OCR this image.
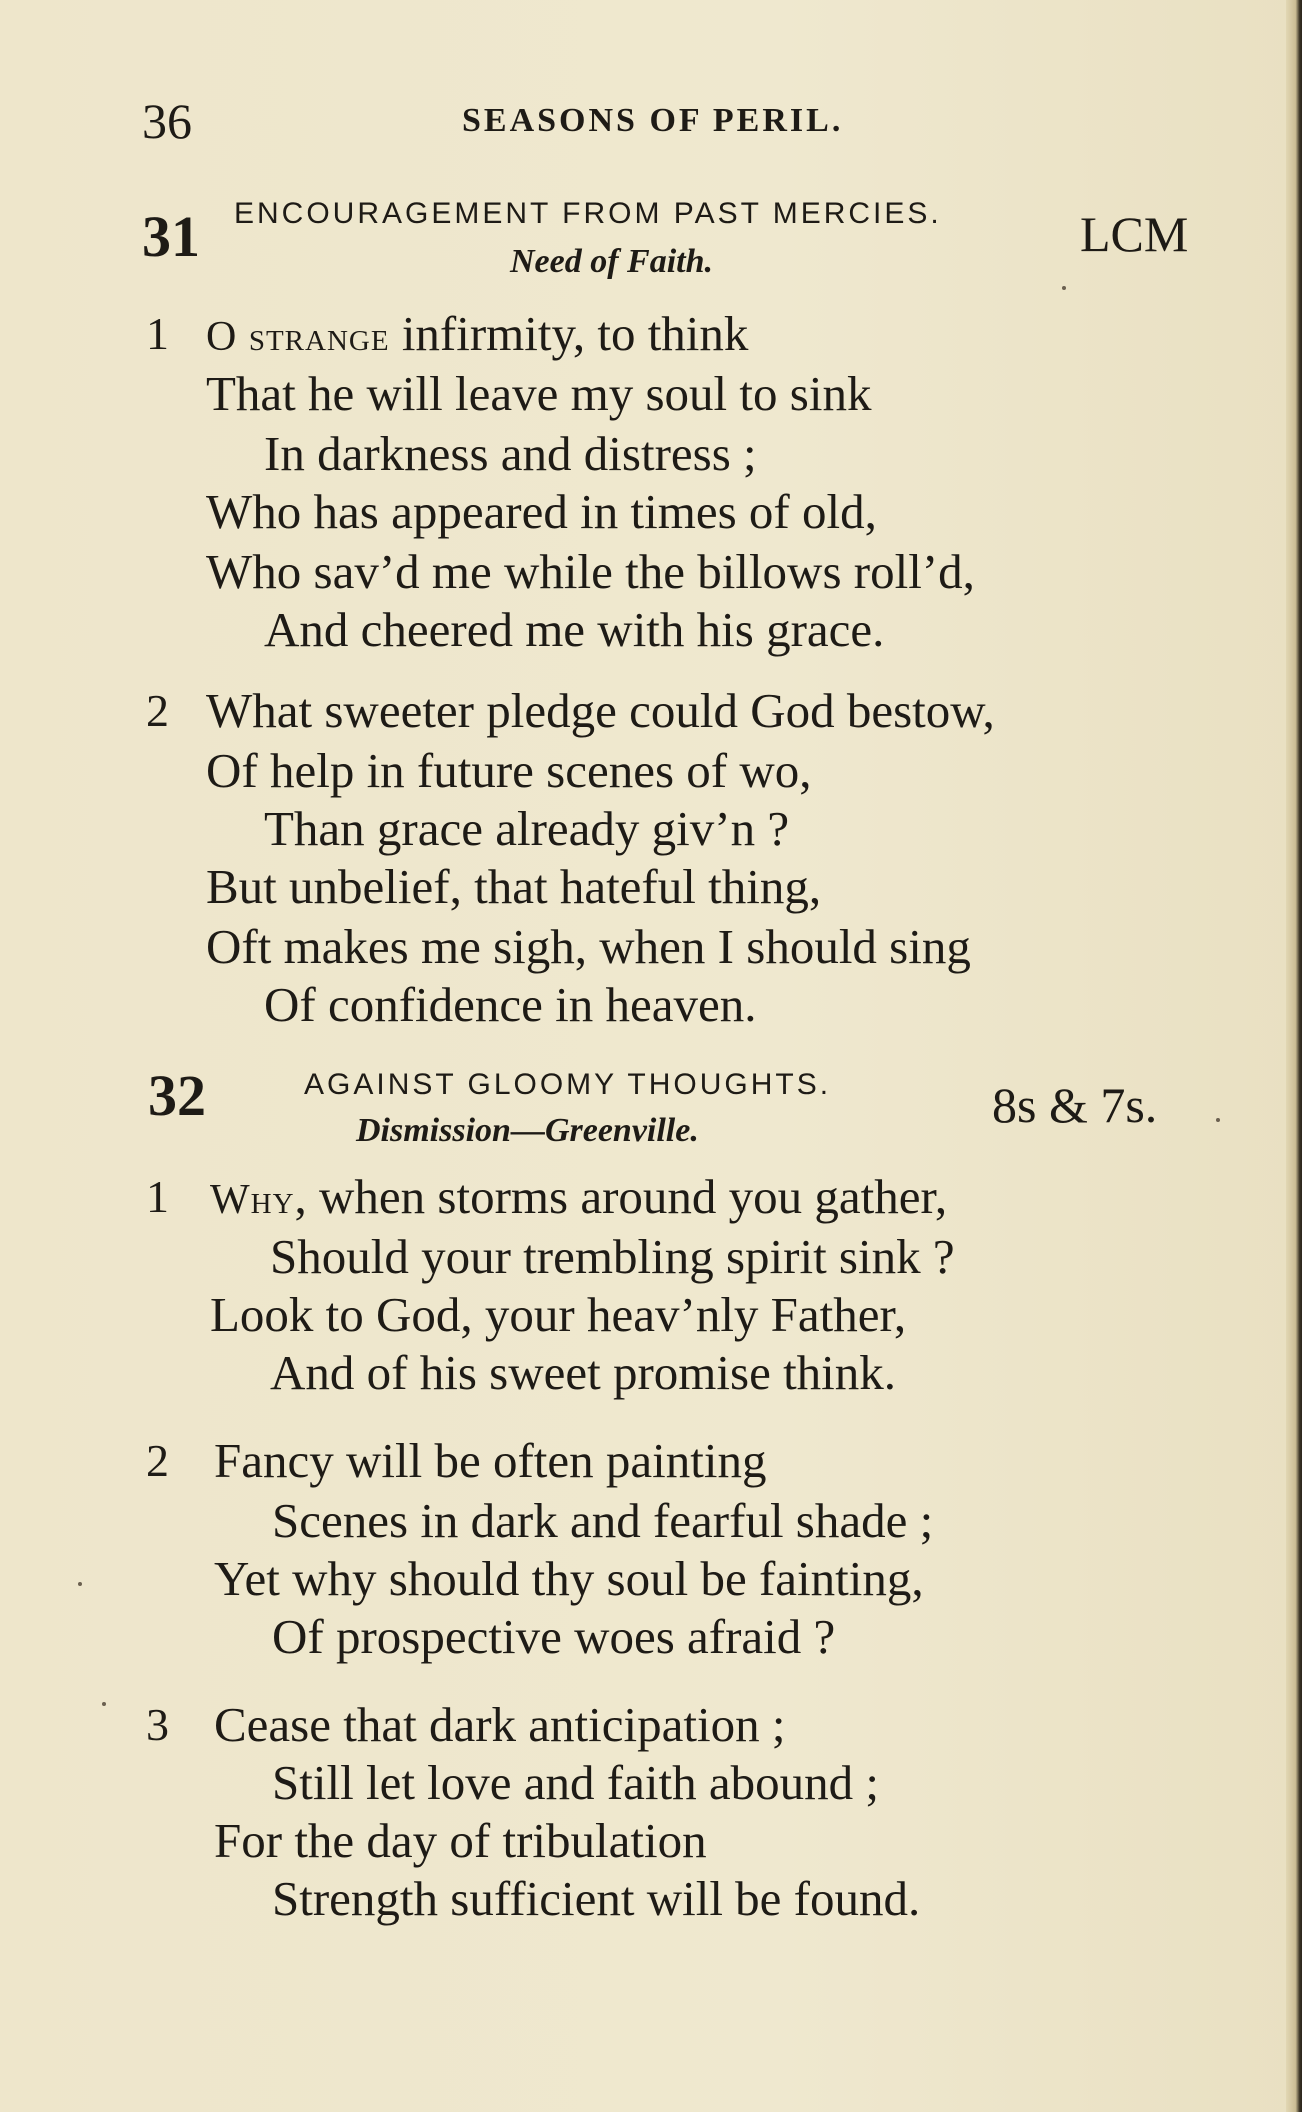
36	SEASONS OF PERIL.
31 ENCOURAGEMENT FROM PAST MERCIES.
Need of Faith.	LCM
1 O strange infirmity, to think
That he will leave my soul to sink
In darkness and distress ;
Who has appeared in times of old,
Who sav’d me while the billows roll’d,
And cheered me with his grace.
2 What sweeter pledge could God bestow,
Of help in future scenes of wo,
Than grace already giv’n ?
But unbelief, that hateful thing,
Oft makes me sigh, when I should sing
Of confidence in heaven.
32	AGAINST GLOOMY THOUGHTS.
Dismission—Greenville.	8s & 7s.
1 Why, when storms around you gather,
Should your trembling spirit sink ?
Look to God, your heav’nly Father,
And of his sweet promise think.
2 Fancy will be often painting
Scenes in dark and fearful shade ;
Yet why should thy soul be fainting,
Of prospective woes afraid ?
3 Cease that dark anticipation ;
Still let love and faith abound ;
For the day of tribulation
Strength sufficient will be found.
